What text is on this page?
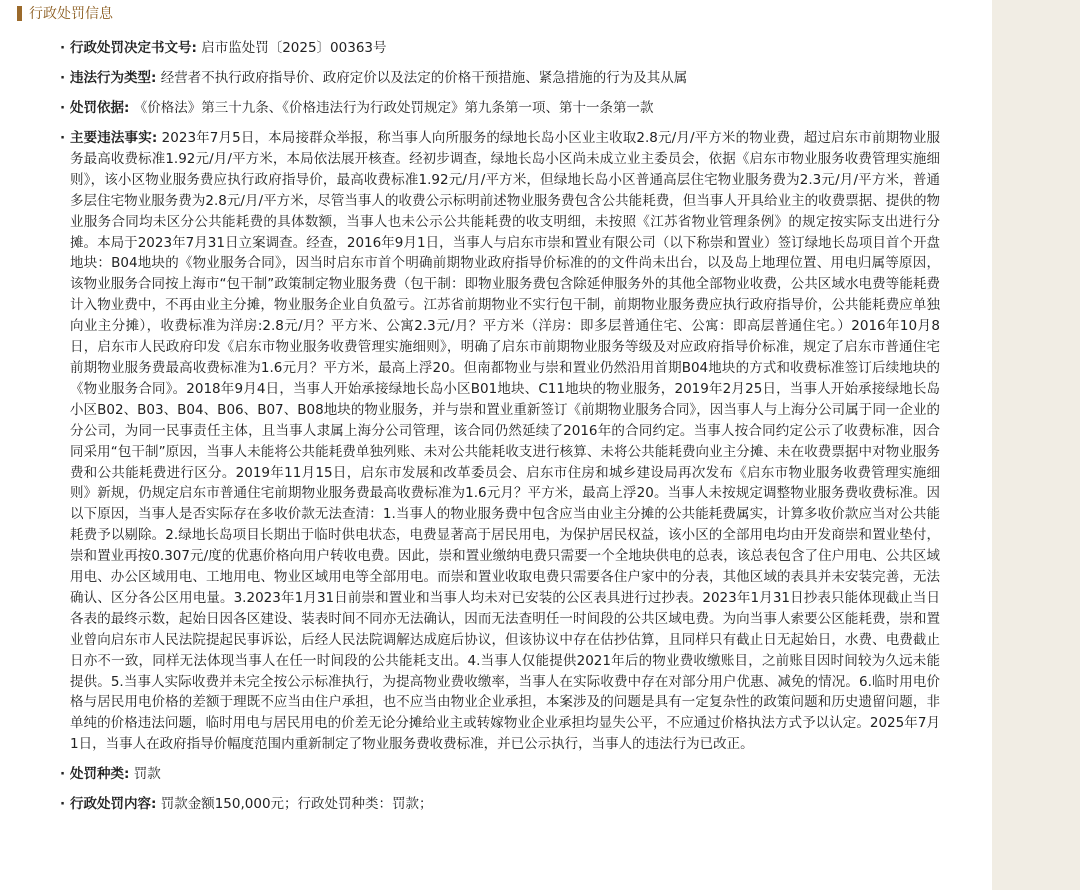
行政处罚信息
· 行政处罚决定书文号: 启市监处罚〔2025〕00363号
· 违法行为类型: 经营者不执行政府指导价、政府定价以及法定的价格干预措施、紧急措施的行为及其从属
· 处罚依据: 《价格法》第三十九条、《价格违法行为行政处罚规定》第九条第一项、第十一条第一款
· 主要违法事实: 2023年7月5日，本局接群众举报，称当事人向所服务的绿地长岛小区业主收取2.8元/月/平方米的物业费，超过启东市前期物业服务最高收费标准1.92元/月/平方米，本局依法展开核查。经初步调查，绿地长岛小区尚未成立业主委员会，依据《启东市物业服务收费管理实施细则》，该小区物业服务费应执行政府指导价，最高收费标准1.92元/月/平方米，但绿地长岛小区普通高层住宅物业服务费为2.3元/月/平方米，普通多层住宅物业服务费为2.8元/月/平方米，尽管当事人的收费公示标明前述物业服务费包含公共能耗费，但当事人开具给业主的收费票据、提供的物业服务合同均未区分公共能耗费的具体数额，当事人也未公示公共能耗费的收支明细，未按照《江苏省物业管理条例》的规定按实际支出进行分摊。本局于2023年7月31日立案调查。经查，2016年9月1日，当事人与启东市崇和置业有限公司（以下称崇和置业）签订绿地长岛项目首个开盘地块：B04地块的《物业服务合同》，因当时启东市首个明确前期物业政府指导价标准的的文件尚未出台，以及岛上地理位置、用电归属等原因，该物业服务合同按上海市“包干制”政策制定物业服务费（包干制：即物业服务费包含除延伸服务外的其他全部物业收费，公共区域水电费等能耗费计入物业费中，不再由业主分摊，物业服务企业自负盈亏。江苏省前期物业不实行包干制，前期物业服务费应执行政府指导价，公共能耗费应单独向业主分摊），收费标准为洋房:2.8元/月？平方米、公寓2.3元/月？平方米（洋房：即多层普通住宅、公寓：即高层普通住宅。）2016年10月8日，启东市人民政府印发《启东市物业服务收费管理实施细则》，明确了启东市前期物业服务等级及对应政府指导价标准，规定了启东市普通住宅前期物业服务费最高收费标准为1.6元月？平方米，最高上浮20。但南都物业与崇和置业仍然沿用首期B04地块的方式和收费标准签订后续地块的《物业服务合同》。2018年9月4日，当事人开始承接绿地长岛小区B01地块、C11地块的物业服务，2019年2月25日，当事人开始承接绿地长岛小区B02、B03、B04、B06、B07、B08地块的物业服务，并与崇和置业重新签订《前期物业服务合同》，因当事人与上海分公司属于同一企业的分公司，为同一民事责任主体，且当事人隶属上海分公司管理，该合同仍然延续了2016年的合同约定。当事人按合同约定公示了收费标准，因合同采用“包干制”原因，当事人未能将公共能耗费单独列账、未对公共能耗收支进行核算、未将公共能耗费向业主分摊、未在收费票据中对物业服务费和公共能耗费进行区分。2019年11月15日，启东市发展和改革委员会、启东市住房和城乡建设局再次发布《启东市物业服务收费管理实施细则》新规，仍规定启东市普通住宅前期物业服务费最高收费标准为1.6元月？平方米，最高上浮20。当事人未按规定调整物业服务费收费标准。因以下原因，当事人是否实际存在多收价款无法查清：1.当事人的物业服务费中包含应当由业主分摊的公共能耗费属实，计算多收价款应当对公共能耗费予以剔除。2.绿地长岛项目长期出于临时供电状态，电费显著高于居民用电，为保护居民权益，该小区的全部用电均由开发商崇和置业垫付，崇和置业再按0.307元/度的优惠价格向用户转收电费。因此，崇和置业缴纳电费只需要一个全地块供电的总表，该总表包含了住户用电、公共区域用电、办公区域用电、工地用电、物业区域用电等全部用电。而崇和置业收取电费只需要各住户家中的分表，其他区域的表具并未安装完善，无法确认、区分各公区用电量。3.2023年1月31日前崇和置业和当事人均未对已安装的公区表具进行过抄表。2023年1月31日抄表只能体现截止当日各表的最终示数，起始日因各区建设、装表时间不同亦无法确认，因而无法查明任一时间段的公共区域电费。为向当事人索要公区能耗费，崇和置业曾向启东市人民法院提起民事诉讼，后经人民法院调解达成庭后协议，但该协议中存在估抄估算，且同样只有截止日无起始日，水费、电费截止日亦不一致，同样无法体现当事人在任一时间段的公共能耗支出。4.当事人仅能提供2021年后的物业费收缴账目，之前账目因时间较为久远未能提供。5.当事人实际收费并未完全按公示标准执行，为提高物业费收缴率，当事人在实际收费中存在对部分用户优惠、减免的情况。6.临时用电价格与居民用电价格的差额于理既不应当由住户承担，也不应当由物业企业承担，本案涉及的问题是具有一定复杂性的政策问题和历史遗留问题，非单纯的价格违法问题，临时用电与居民用电的价差无论分摊给业主或转嫁物业企业承担均显失公平，不应通过价格执法方式予以认定。2025年7月1日，当事人在政府指导价幅度范围内重新制定了物业服务费收费标准，并已公示执行，当事人的违法行为已改正。
· 处罚种类: 罚款
· 行政处罚内容: 罚款金额150,000元；行政处罚种类：罚款；
